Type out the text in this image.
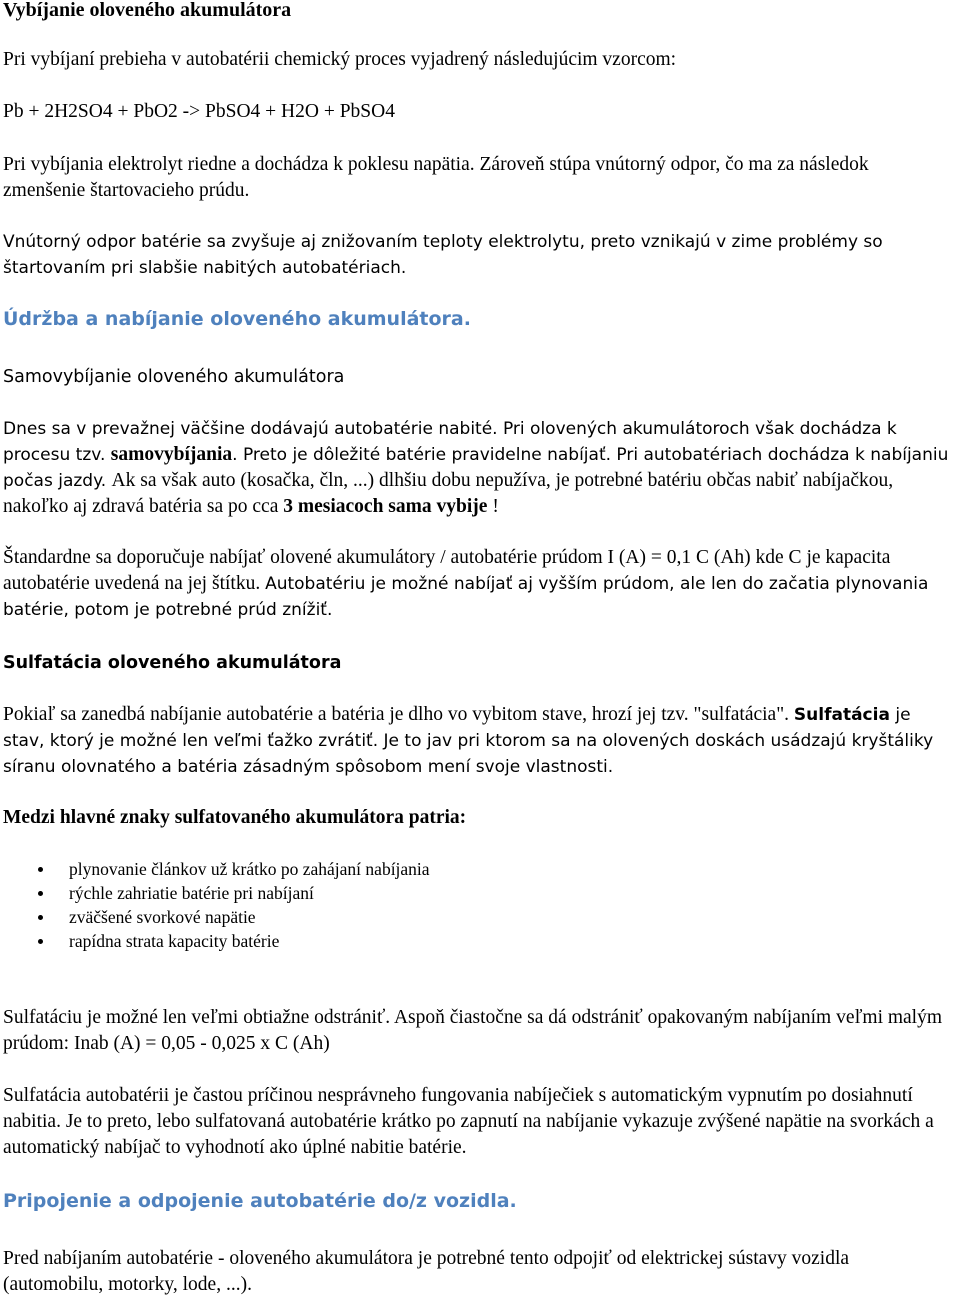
Vybíjanie oloveného akumulátora

Pri vybíjaní prebieha v autobatérii chemický proces vyjadrený následujúcim vzorcom:

Pb + 2H2SO4 + PbO2 -> PbSO4 + H2O + PbSO4

Pri vybíjania elektrolyt riedne a dochádza k poklesu napätia. Zároveň stúpa vnútorný odpor, čo ma za následok zmenšenie štartovacieho prúdu.

Vnútorný odpor batérie sa zvyšuje aj znižovaním teploty elektrolytu, preto vznikajú v zime problémy so štartovaním pri slabšie nabitých autobatériach.

Údržba a nabíjanie oloveného akumulátora.
Samovybíjanie oloveného akumulátora

Dnes sa v prevažnej väčšine dodávajú autobatérie nabité. Pri olovených akumulátoroch však dochádza k procesu tzv. samovybíjania. Preto je dôležité batérie pravidelne nabíjať. Pri autobatériach dochádza k nabíjaniu počas jazdy. Ak sa však auto (kosačka, čln, ...) dlhšiu dobu nepužíva, je potrebné batériu občas nabiť nabíjačkou, nakoľko aj zdravá batéria sa po cca 3 mesiacoch sama vybije !

Štandardne sa doporučuje nabíjať olovené akumulátory / autobatérie prúdom I (A) = 0,1 C (Ah) kde C je kapacita autobatérie uvedená na jej štítku. Autobatériu je možné nabíjať aj vyšším prúdom, ale len do začatia plynovania batérie, potom je potrebné prúd znížiť.

Sulfatácia oloveného akumulátora

Pokiaľ sa zanedbá nabíjanie autobatérie a batéria je dlho vo vybitom stave, hrozí jej tzv. "sulfatácia". Sulfatácia je stav, ktorý je možné len veľmi ťažko zvrátiť. Je to jav pri ktorom sa na olovených doskách usádzajú kryštáliky síranu olovnatého a batéria zásadným spôsobom mení svoje vlastnosti.

Medzi hlavné znaky sulfatovaného akumulátora patria:
plynovanie článkov už krátko po zahájaní nabíjania
rýchle zahriatie batérie pri nabíjaní
zväčšené svorkové napätie
rapídna strata kapacity batérie

Sulfatáciu je možné len veľmi obtiažne odstrániť. Aspoň čiastočne sa dá odstrániť opakovaným nabíjaním veľmi malým prúdom: Inab (A) = 0,05 - 0,025 x C (Ah)

Sulfatácia autobatérii je častou príčinou nesprávneho fungovania nabíječiek s automatickým vypnutím po dosiahnutí nabitia. Je to preto, lebo sulfatovaná autobatérie krátko po zapnutí na nabíjanie vykazuje zvýšené napätie na svorkách a automatický nabíjač to vyhodnotí ako úplné nabitie batérie.

Pripojenie a odpojenie autobatérie do/z vozidla.

Pred nabíjaním autobatérie - oloveného akumulátora je potrebné tento odpojiť od elektrickej sústavy vozidla (automobilu, motorky, lode, ...).
